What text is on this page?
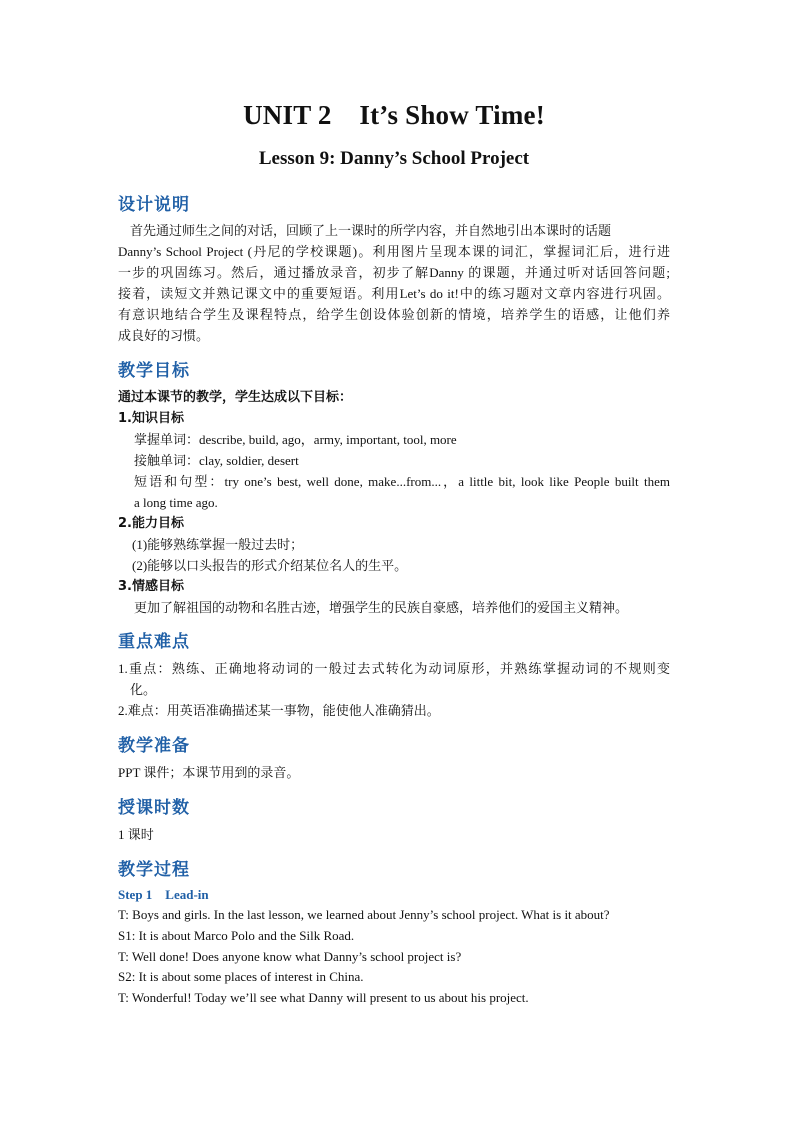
UNIT 2    It’s Show Time!
Lesson 9: Danny’s School Project
设计说明
首先通过师生之间的对话，回顾了上一课时的所学内容，并自然地引出本课时的话题
Danny’s School Project (丹尼的学校课题)。利用图片呈现本课的词汇，掌握词汇后，进行进
一步的巩固练习。然后，通过播放录音，初步了解Danny 的课题，并通过听对话回答问题;
接着，读短文并熟记课文中的重要短语。利用Let’s do it!中的练习题对文章内容进行巩固。
有意识地结合学生及课程特点，给学生创设体验创新的情境，培养学生的语感，让他们养
成良好的习惯。
教学目标
通过本课节的教学，学生达成以下目标：
1.知识目标
掌握单词：describe, build, ago，army, important, tool, more
接触单词：clay, soldier, desert
短语和句型：try one’s best, well done, make...from...，a little bit, look like People built them
a long time ago.
2.能力目标
(1)能够熟练掌握一般过去时；
(2)能够以口头报告的形式介绍某位名人的生平。
3.情感目标
更加了解祖国的动物和名胜古迹，增强学生的民族自豪感，培养他们的爱国主义精神。
重点难点
1.重点：熟练、正确地将动词的一般过去式转化为动词原形，并熟练掌握动词的不规则变
化。
2.难点：用英语准确描述某一事物，能使他人准确猜出。
教学准备
PPT 课件；本课节用到的录音。
授课时数
1 课时
教学过程
Step 1    Lead-in
T: Boys and girls. In the last lesson, we learned about Jenny’s school project. What is it about?
S1: It is about Marco Polo and the Silk Road.
T: Well done! Does anyone know what Danny’s school project is?
S2: It is about some places of interest in China.
T: Wonderful! Today we’ll see what Danny will present to us about his project.
